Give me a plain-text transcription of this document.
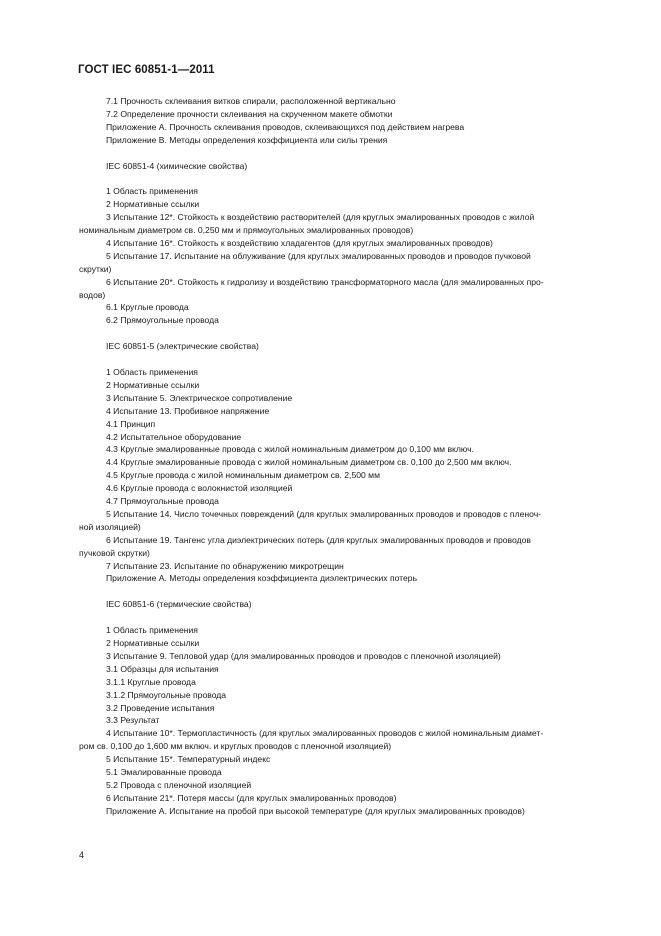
ГОСТ IEC 60851-1—2011
7.1 Прочность склеивания витков спирали, расположенной вертикально
7.2 Определение прочности склеивания на скрученном макете обмотки
Приложение А. Прочность склеивания проводов, склеивающихся под действием нагрева
Приложение В. Методы определения коэффициента или силы трения
IEC 60851-4 (химические свойства)
1 Область применения
2 Нормативные ссылки
3 Испытание 12*. Стойкость к воздействию растворителей (для круглых эмалированных проводов с жилой
номинальным диаметром св. 0,250 мм и прямоугольных эмалированных проводов)
4 Испытание 16*. Стойкость к воздействию хладагентов (для круглых эмалированных проводов)
5 Испытание 17. Испытание на облуживание (для круглых эмалированных проводов и проводов пучковой
скрутки)
6 Испытание 20*. Стойкость к гидролизу и воздействию трансформаторного масла (для эмалированных про-
водов)
6.1 Круглые провода
6.2 Прямоугольные провода
IEC 60851-5 (электрические свойства)
1 Область применения
2 Нормативные ссылки
3 Испытание 5. Электрическое сопротивление
4 Испытание 13. Пробивное напряжение
4.1 Принцип
4.2 Испытательное оборудование
4.3 Круглые эмалированные провода с жилой номинальным диаметром до 0,100 мм включ.
4.4 Круглые эмалированные провода с жилой номинальным диаметром св. 0,100 до 2,500 мм включ.
4.5 Круглые провода с жилой номинальным диаметром св. 2,500 мм
4.6 Круглые провода с волокнистой изоляцией
4.7 Прямоугольные провода
5 Испытание 14. Число точечных повреждений (для круглых эмалированных проводов и проводов с пленоч-
ной изоляцией)
6 Испытание 19. Тангенс угла диэлектрических потерь (для круглых эмалированных проводов и проводов
пучковой скрутки)
7 Испытание 23. Испытание по обнаружению микротрещин
Приложение А. Методы определения коэффициента диэлектрических потерь
IEC 60851-6 (термические свойства)
1 Область применения
2 Нормативные ссылки
3 Испытание 9. Тепловой удар (для эмалированных проводов и проводов с пленочной изоляцией)
3.1 Образцы для испытания
3.1.1 Круглые провода
3.1.2 Прямоугольные провода
3.2 Проведение испытания
3.3 Результат
4 Испытание 10*. Термопластичность (для круглых эмалированных проводов с жилой номинальным диамет-
ром св. 0,100 до 1,600 мм включ. и круглых проводов с пленочной изоляцией)
5 Испытание 15*. Температурный индекс
5.1 Эмалированные провода
5.2 Провода с пленочной изоляцией
6 Испытание 21*. Потеря массы (для круглых эмалированных проводов)
Приложение А. Испытание на пробой при высокой температуре (для круглых эмалированных проводов)
4
